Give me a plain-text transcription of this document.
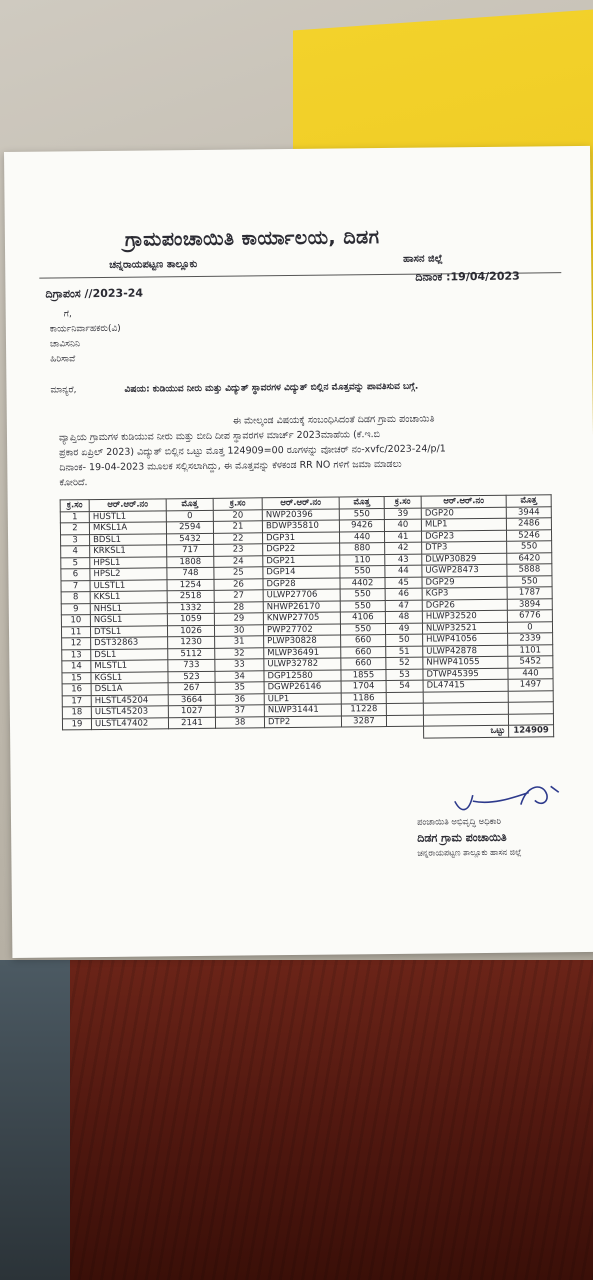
ಗ್ರಾಮಪಂಚಾಯಿತಿ ಕಾರ್ಯಾಲಯ, ದಿಡಗ
ಚನ್ನರಾಯಪಟ್ಟಣ ತಾಲ್ಲೂಕು	ಹಾಸನ ಜಿಲ್ಲೆ
ದಿಗ್ರಾಪಂಸ //2023-24
ದಿನಾಂಕ :19/04/2023
ಗೆ,
ಕಾರ್ಯನಿರ್ವಾಹಕರು(ವಿ)
ಚಾವಿಸನಿನಿ
ಹಿರಿಸಾವೆ
ಮಾನ್ಯರೆ,	ವಿಷಯ: ಕುಡಿಯುವ ನೀರು ಮತ್ತು ವಿದ್ಯುತ್ ಸ್ಥಾವರಗಳ ವಿದ್ಯುತ್ ಬಿಲ್ಲಿನ ಮೊತ್ತವನ್ನು ಪಾವತಿಸುವ ಬಗ್ಗೆ.
ಈ ಮೇಲ್ಕಂಡ ವಿಷಯಕ್ಕೆ ಸಂಬಂಧಿಸಿದಂತೆ ದಿಡಗ ಗ್ರಾಮ ಪಂಚಾಯಿತಿ
ವ್ಯಾಪ್ತಿಯ ಗ್ರಾಮಗಳ ಕುಡಿಯುವ ನೀರು ಮತ್ತು ಬೀದಿ ದೀಪ ಸ್ಥಾವರಗಳ ಮಾರ್ಚ್ 2023ಮಾಹೆಯ (ಕೆ.ಇ.ಬಿ
ಪ್ರಕಾರ ಏಪ್ರಿಲ್ 2023) ವಿದ್ಯುತ್ ಬಿಲ್ಲಿನ ಒಟ್ಟು ಮೊತ್ತ 124909=00 ರೂಗಳನ್ನು ವೋಚರ್ ನಂ-xvfc/2023-24/p/1
ದಿನಾಂಕ- 19-04-2023 ಮೂಲಕ ಸಲ್ಲಿಸಲಾಗಿದ್ದು, ಈ ಮೊತ್ತವನ್ನು ಕೆಳಕಂಡ RR NO ಗಳಿಗೆ ಜಮಾ ಮಾಡಲು
ಕೋರಿದೆ.
ಕ್ರ.ಸಂ	ಆರ್.ಆರ್.ನಂ	ಮೊತ್ತ	ಕ್ರ.ಸಂ	ಆರ್.ಆರ್.ನಂ	ಮೊತ್ತ	ಕ್ರ.ಸಂ	ಆರ್.ಆರ್.ನಂ	ಮೊತ್ತ
1	HUSTL1	0	20	NWP20396	550	39	DGP20	3944
2	MKSL1A	2594	21	BDWP35810	9426	40	MLP1	2486
3	BDSL1	5432	22	DGP31	440	41	DGP23	5246
4	KRKSL1	717	23	DGP22	880	42	DTP3	550
5	HPSL1	1808	24	DGP21	110	43	DLWP30829	6420
6	HPSL2	748	25	DGP14	550	44	UGWP28473	5888
7	ULSTL1	1254	26	DGP28	4402	45	DGP29	550
8	KKSL1	2518	27	ULWP27706	550	46	KGP3	1787
9	NHSL1	1332	28	NHWP26170	550	47	DGP26	3894
10	NGSL1	1059	29	KNWP27705	4106	48	HLWP32520	6776
11	DTSL1	1026	30	PWP27702	550	49	NLWP32521	0
12	DST32863	1230	31	PLWP30828	660	50	HLWP41056	2339
13	DSL1	5112	32	MLWP36491	660	51	ULWP42878	1101
14	MLSTL1	733	33	ULWP32782	660	52	NHWP41055	5452
15	KGSL1	523	34	DGP12580	1855	53	DTWP45395	440
16	DSL1A	267	35	DGWP26146	1704	54	DL47415	1497
17	HLSTL45204	3664	36	ULP1	1186			
18	ULSTL45203	1027	37	NLWP31441	11228			
19	ULSTL47402	2141	38	DTP2	3287			
							ಒಟ್ಟು	124909
ಪಂಚಾಯಿತಿ ಅಭಿವೃದ್ಧಿ ಅಧಿಕಾರಿ
ದಿಡಗ ಗ್ರಾಮ ಪಂಚಾಯಿತಿ
ಚನ್ನರಾಯಪಟ್ಟಣ ತಾಲ್ಲೂಕು ಹಾಸನ ಜಿಲ್ಲೆ
